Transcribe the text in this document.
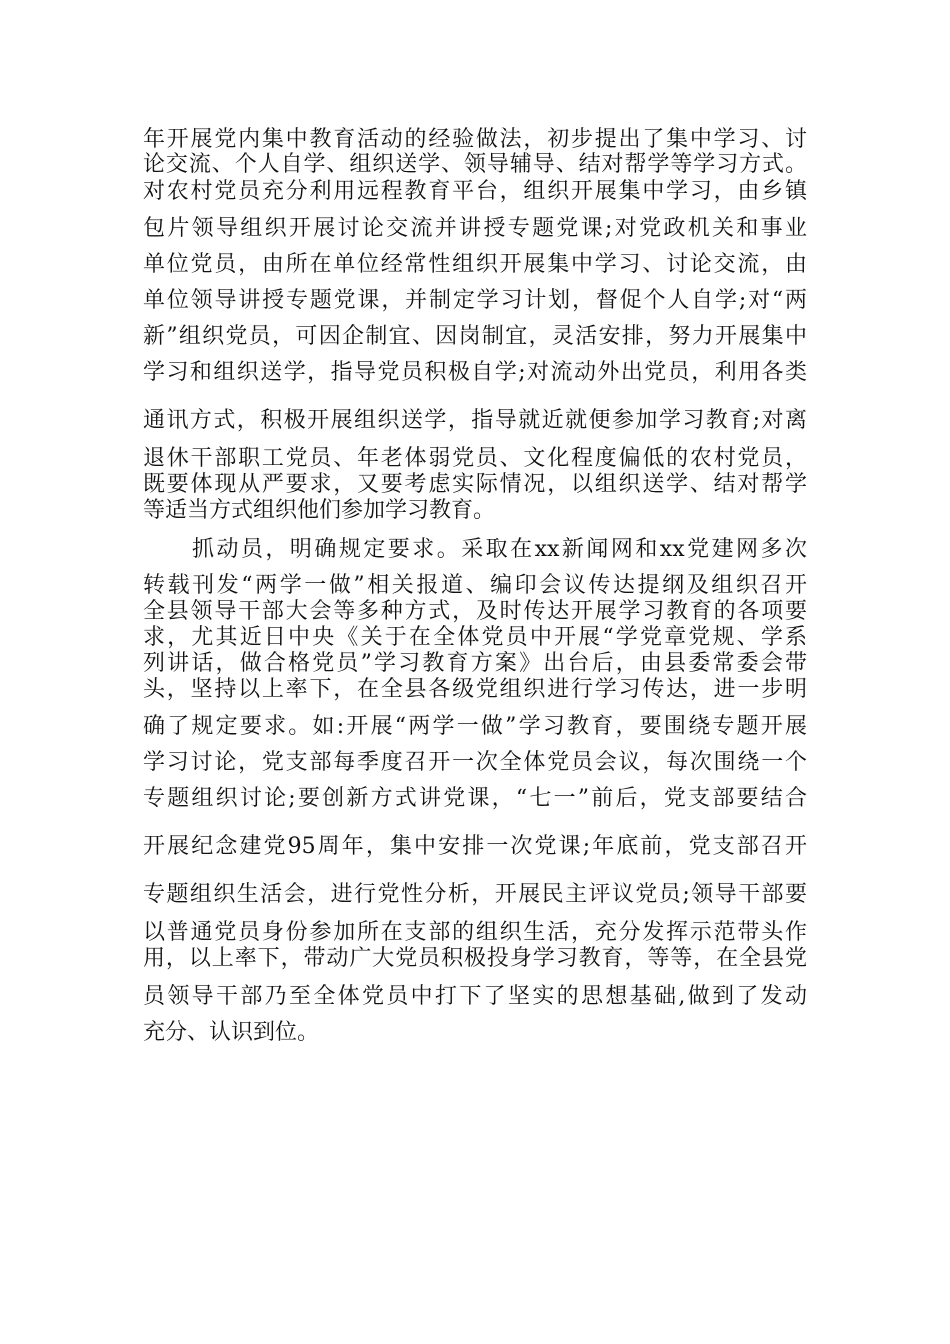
年开展党内集中教育活动的经验做法，初步提出了集中学习、讨
论交流、个人自学、组织送学、领导辅导、结对帮学等学习方式。
对农村党员充分利用远程教育平台，组织开展集中学习，由乡镇
包片领导组织开展讨论交流并讲授专题党课;对党政机关和事业
单位党员，由所在单位经常性组织开展集中学习、讨论交流，由
单位领导讲授专题党课，并制定学习计划，督促个人自学;对“两
新”组织党员，可因企制宜、因岗制宜，灵活安排，努力开展集中
学习和组织送学，指导党员积极自学;对流动外出党员，利用各类
通讯方式，积极开展组织送学，指导就近就便参加学习教育;对离
退休干部职工党员、年老体弱党员、文化程度偏低的农村党员，
既要体现从严要求，又要考虑实际情况，以组织送学、结对帮学
等适当方式组织他们参加学习教育。
抓动员，明确规定要求。采取在xx新闻网和xx党建网多次
转载刊发“两学一做”相关报道、编印会议传达提纲及组织召开
全县领导干部大会等多种方式，及时传达开展学习教育的各项要
求，尤其近日中央《关于在全体党员中开展“学党章党规、学系
列讲话，做合格党员”学习教育方案》出台后，由县委常委会带
头，坚持以上率下，在全县各级党组织进行学习传达，进一步明
确了规定要求。如:开展“两学一做”学习教育，要围绕专题开展
学习讨论，党支部每季度召开一次全体党员会议，每次围绕一个
专题组织讨论;要创新方式讲党课，“七一”前后，党支部要结合
开展纪念建党95周年，集中安排一次党课;年底前，党支部召开
专题组织生活会，进行党性分析，开展民主评议党员;领导干部要
以普通党员身份参加所在支部的组织生活，充分发挥示范带头作
用，以上率下，带动广大党员积极投身学习教育，等等，在全县党
员领导干部乃至全体党员中打下了坚实的思想基础,做到了发动
充分、认识到位。
